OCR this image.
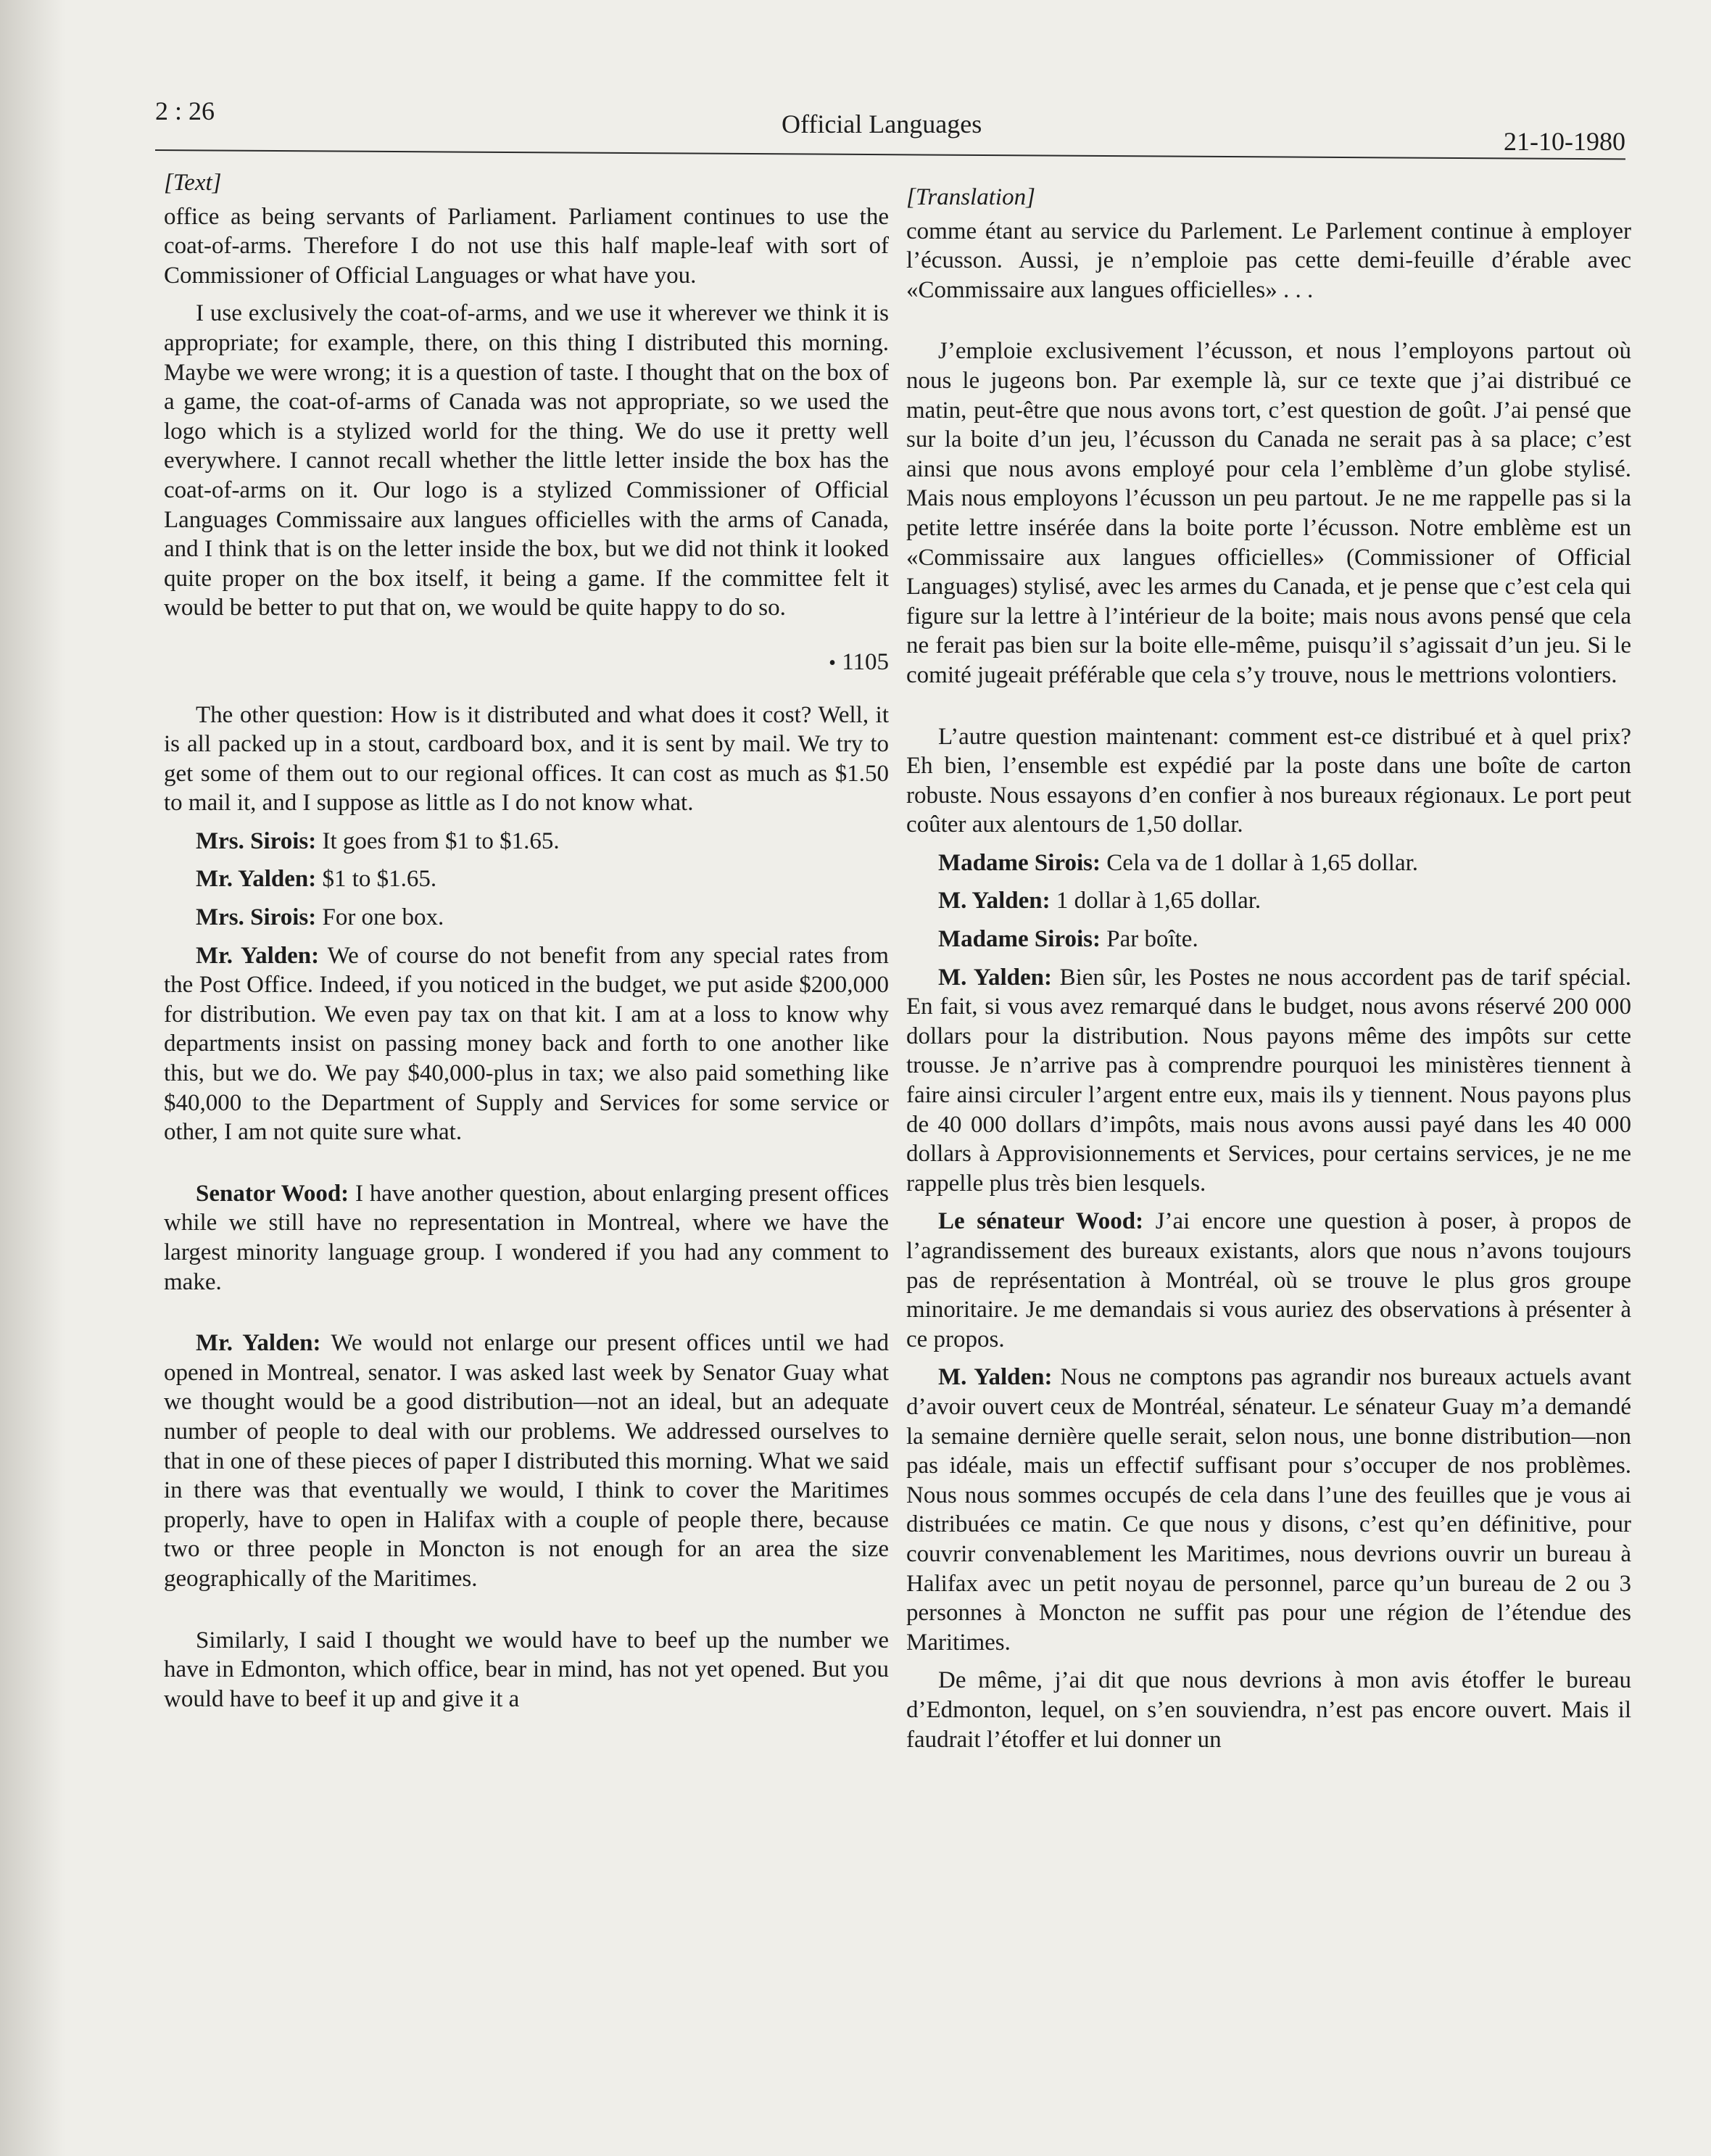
2 : 26	Official Languages
21-10-1980

[Text]

office as being servants of Parliament. Parliament continues to use the coat-of-arms. Therefore I do not use this half maple-leaf with sort of Commissioner of Official Languages or what have you.

I use exclusively the coat-of-arms, and we use it wherever we think it is appropriate; for example, there, on this thing I distributed this morning. Maybe we were wrong; it is a question of taste. I thought that on the box of a game, the coat-of-arms of Canada was not appropriate, so we used the logo which is a stylized world for the thing. We do use it pretty well everywhere. I cannot recall whether the little letter inside the box has the coat-of-arms on it. Our logo is a stylized Commissioner of Official Languages Commissaire aux langues officielles with the arms of Canada, and I think that is on the letter inside the box, but we did not think it looked quite proper on the box itself, it being a game. If the committee felt it would be better to put that on, we would be quite happy to do so.

• 1105

The other question: How is it distributed and what does it cost? Well, it is all packed up in a stout, cardboard box, and it is sent by mail. We try to get some of them out to our regional offices. It can cost as much as $1.50 to mail it, and I suppose as little as I do not know what.

Mrs. Sirois: It goes from $1 to $1.65.

Mr. Yalden: $1 to $1.65.

Mrs. Sirois: For one box.

Mr. Yalden: We of course do not benefit from any special rates from the Post Office. Indeed, if you noticed in the budget, we put aside $200,000 for distribution. We even pay tax on that kit. I am at a loss to know why departments insist on passing money back and forth to one another like this, but we do. We pay $40,000-plus in tax; we also paid something like $40,000 to the Department of Supply and Services for some service or other, I am not quite sure what.

Senator Wood: I have another question, about enlarging present offices while we still have no representation in Montreal, where we have the largest minority language group. I wondered if you had any comment to make.

Mr. Yalden: We would not enlarge our present offices until we had opened in Montreal, senator. I was asked last week by Senator Guay what we thought would be a good distribution—not an ideal, but an adequate number of people to deal with our problems. We addressed ourselves to that in one of these pieces of paper I distributed this morning. What we said in there was that eventually we would, I think to cover the Maritimes properly, have to open in Halifax with a couple of people there, because two or three people in Moncton is not enough for an area the size geographically of the Maritimes.

Similarly, I said I thought we would have to beef up the number we have in Edmonton, which office, bear in mind, has not yet opened. But you would have to beef it up and give it a

[Translation]

comme étant au service du Parlement. Le Parlement continue à employer l’écusson. Aussi, je n’emploie pas cette demi-feuille d’érable avec «Commissaire aux langues officielles» . . .

J’emploie exclusivement l’écusson, et nous l’employons partout où nous le jugeons bon. Par exemple là, sur ce texte que j’ai distribué ce matin, peut-être que nous avons tort, c’est question de goût. J’ai pensé que sur la boite d’un jeu, l’écusson du Canada ne serait pas à sa place; c’est ainsi que nous avons employé pour cela l’emblème d’un globe stylisé. Mais nous employons l’écusson un peu partout. Je ne me rappelle pas si la petite lettre insérée dans la boite porte l’écusson. Notre emblème est un «Commissaire aux langues officielles» (Commissioner of Official Languages) stylisé, avec les armes du Canada, et je pense que c’est cela qui figure sur la lettre à l’intérieur de la boite; mais nous avons pensé que cela ne ferait pas bien sur la boite elle-même, puisqu’il s’agissait d’un jeu. Si le comité jugeait préférable que cela s’y trouve, nous le mettrions volontiers.

L’autre question maintenant: comment est-ce distribué et à quel prix? Eh bien, l’ensemble est expédié par la poste dans une boîte de carton robuste. Nous essayons d’en confier à nos bureaux régionaux. Le port peut coûter aux alentours de 1,50 dollar.

Madame Sirois: Cela va de 1 dollar à 1,65 dollar.

M. Yalden: 1 dollar à 1,65 dollar.

Madame Sirois: Par boîte.

M. Yalden: Bien sûr, les Postes ne nous accordent pas de tarif spécial. En fait, si vous avez remarqué dans le budget, nous avons réservé 200 000 dollars pour la distribution. Nous payons même des impôts sur cette trousse. Je n’arrive pas à comprendre pourquoi les ministères tiennent à faire ainsi circuler l’argent entre eux, mais ils y tiennent. Nous payons plus de 40 000 dollars d’impôts, mais nous avons aussi payé dans les 40 000 dollars à Approvisionnements et Services, pour certains services, je ne me rappelle plus très bien lesquels.

Le sénateur Wood: J’ai encore une question à poser, à propos de l’agrandissement des bureaux existants, alors que nous n’avons toujours pas de représentation à Montréal, où se trouve le plus gros groupe minoritaire. Je me demandais si vous auriez des observations à présenter à ce propos.

M. Yalden: Nous ne comptons pas agrandir nos bureaux actuels avant d’avoir ouvert ceux de Montréal, sénateur. Le sénateur Guay m’a demandé la semaine dernière quelle serait, selon nous, une bonne distribution—non pas idéale, mais un effectif suffisant pour s’occuper de nos problèmes. Nous nous sommes occupés de cela dans l’une des feuilles que je vous ai distribuées ce matin. Ce que nous y disons, c’est qu’en définitive, pour couvrir convenablement les Maritimes, nous devrions ouvrir un bureau à Halifax avec un petit noyau de personnel, parce qu’un bureau de 2 ou 3 personnes à Moncton ne suffit pas pour une région de l’étendue des Maritimes.

De même, j’ai dit que nous devrions à mon avis étoffer le bureau d’Edmonton, lequel, on s’en souviendra, n’est pas encore ouvert. Mais il faudrait l’étoffer et lui donner un
